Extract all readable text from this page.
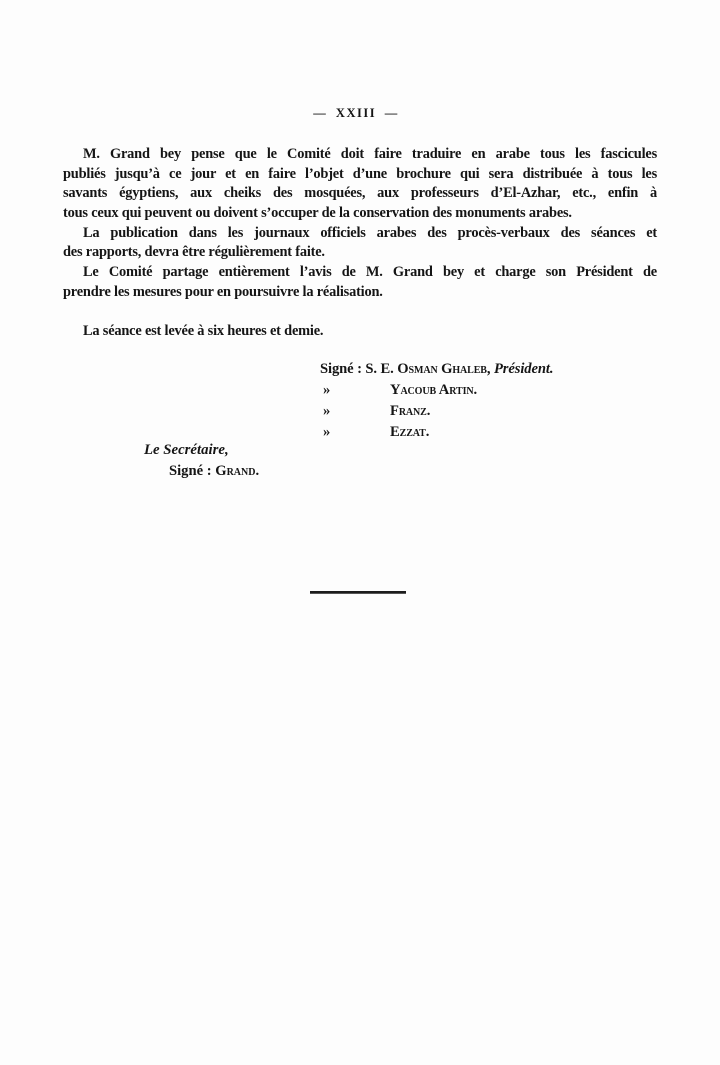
— XXIII —
M. Grand bey pense que le Comité doit faire traduire en arabe tous les fascicules
publiés jusqu’à ce jour et en faire l’objet d’une brochure qui sera distribuée à tous les
savants égyptiens, aux cheiks des mosquées, aux professeurs d’El-Azhar, etc., enfin à
tous ceux qui peuvent ou doivent s’occuper de la conservation des monuments arabes.
La publication dans les journaux officiels arabes des procès-verbaux des séances et
des rapports, devra être régulièrement faite.
Le Comité partage entièrement l’avis de M. Grand bey et charge son Président de
prendre les mesures pour en poursuivre la réalisation.
La séance est levée à six heures et demie.
Signé : S. E. Osman Ghaleb, Président.
»	Yacoub Artin.
»	Franz.
»	Ezzat.
Le Secrétaire,
Signé : Grand.
